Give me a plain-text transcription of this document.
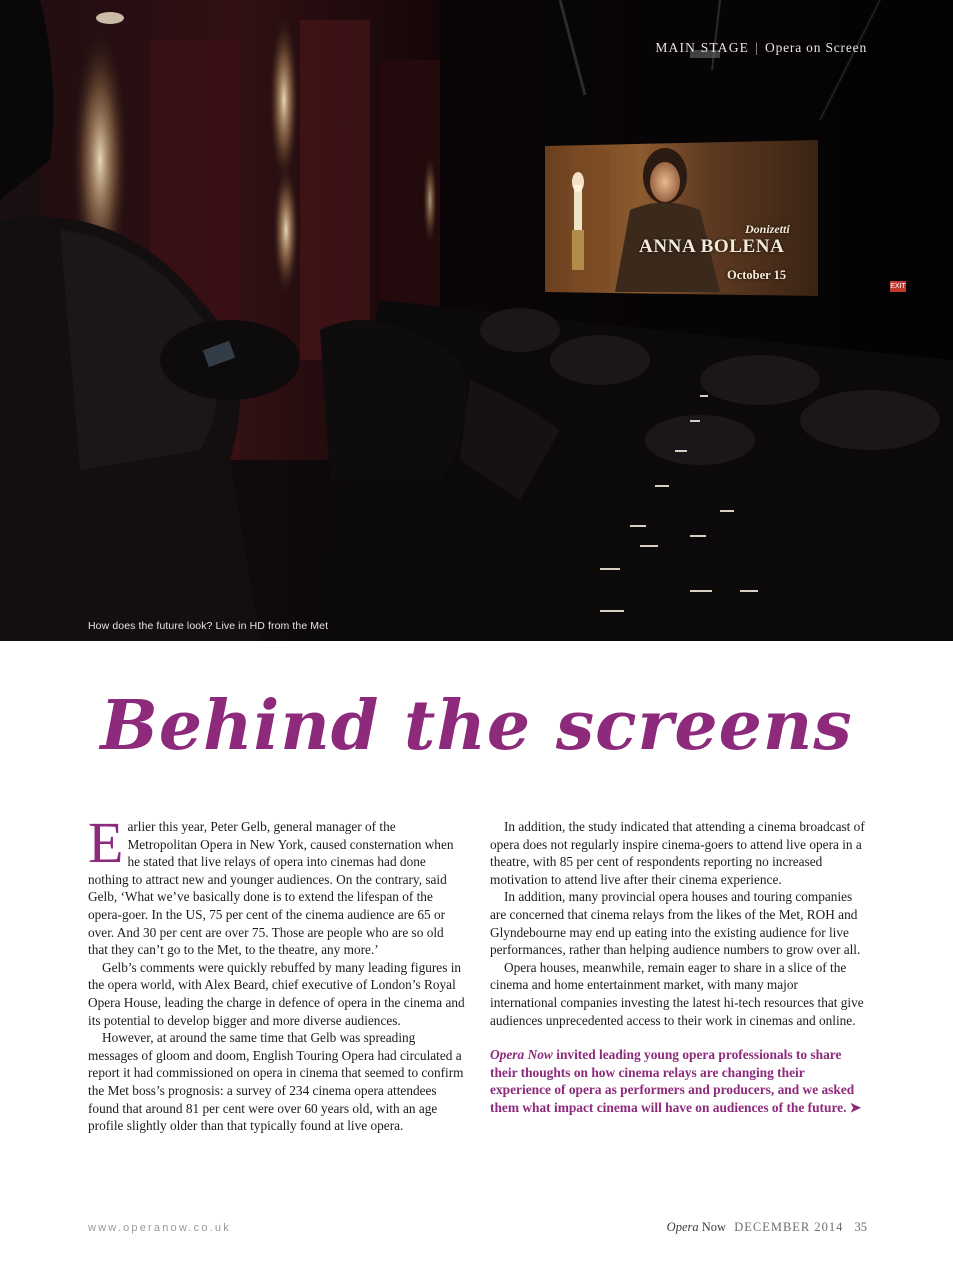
MAIN STAGE | Opera on Screen
Donizetti
ANNA BOLENA
October 15
EXIT
How does the future look? Live in HD from the Met
Behind the screens

Earlier this year, Peter Gelb, general manager of the Metropolitan Opera in New York, caused consternation when he stated that live relays of opera into cinemas had done nothing to attract new and younger audiences. On the contrary, said Gelb, ‘What we’ve basically done is to extend the lifespan of the opera-goer. In the US, 75 per cent of the cinema audience are 65 or over. And 30 per cent are over 75. Those are people who are so old that they can’t go to the Met, to the theatre, any more.’

Gelb’s comments were quickly rebuffed by many leading figures in the opera world, with Alex Beard, chief executive of London’s Royal Opera House, leading the charge in defence of opera in the cinema and its potential to develop bigger and more diverse audiences.

However, at around the same time that Gelb was spreading messages of gloom and doom, English Touring Opera had circulated a report it had commissioned on opera in cinema that seemed to confirm the Met boss’s prognosis: a survey of 234 cinema opera attendees found that around 81 per cent were over 60 years old, with an age profile slightly older than that typically found at live opera.

In addition, the study indicated that attending a cinema broadcast of opera does not regularly inspire cinema-goers to attend live opera in a theatre, with 85 per cent of respondents reporting no increased motivation to attend live after their cinema experience.

In addition, many provincial opera houses and touring companies are concerned that cinema relays from the likes of the Met, ROH and Glyndebourne may end up eating into the existing audience for live performances, rather than helping audience numbers to grow over all.

Opera houses, meanwhile, remain eager to share in a slice of the cinema and home entertainment market, with many major international companies investing the latest hi-tech resources that give audiences unprecedented access to their work in cinemas and online.

Opera Now invited leading young opera professionals to share their thoughts on how cinema relays are changing their experience of opera as performers and producers, and we asked them what impact cinema will have on audiences of the future. ➤

www.operanow.co.uk	Opera Now DECEMBER 2014 35
